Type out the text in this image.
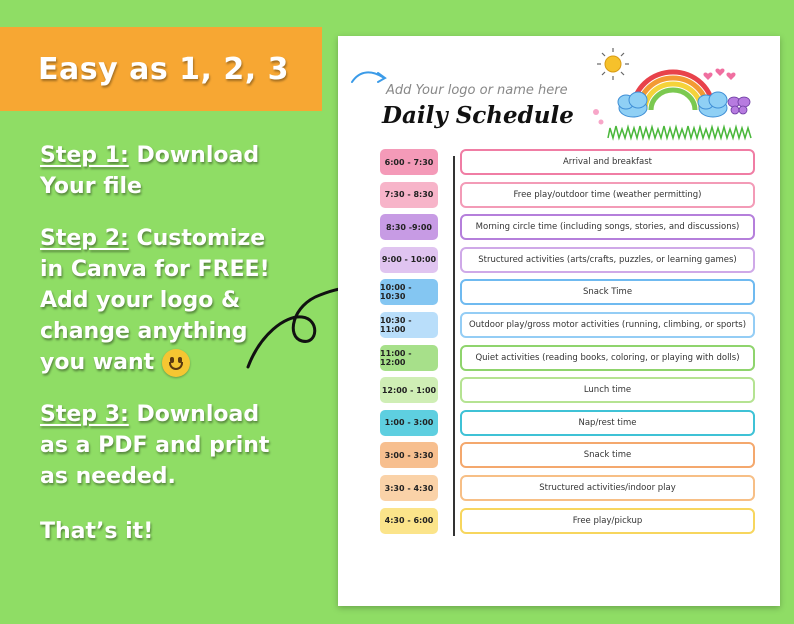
Easy as 1, 2, 3
Step 1: Download Your file
Step 2: Customize in Canva for FREE! Add your logo & change anything you want
Step 3: Download as a PDF and print as needed.
That’s it!
Add Your logo or name here
Daily Schedule
6:00 - 7:30	Arrival and breakfast
7:30 - 8:30	Free play/outdoor time (weather permitting)
8:30 -9:00	Morning circle time (including songs, stories, and discussions)
9:00 - 10:00	Structured activities (arts/crafts, puzzles, or learning games)
10:00 - 10:30	Snack Time
10:30 - 11:00	Outdoor play/gross motor activities (running, climbing, or sports)
11:00 - 12:00	Quiet activities (reading books, coloring, or playing with dolls)
12:00 - 1:00	Lunch time
1:00 - 3:00	Nap/rest time
3:00 - 3:30	Snack time
3:30 - 4:30	Structured activities/indoor play
4:30 - 6:00	Free play/pickup
